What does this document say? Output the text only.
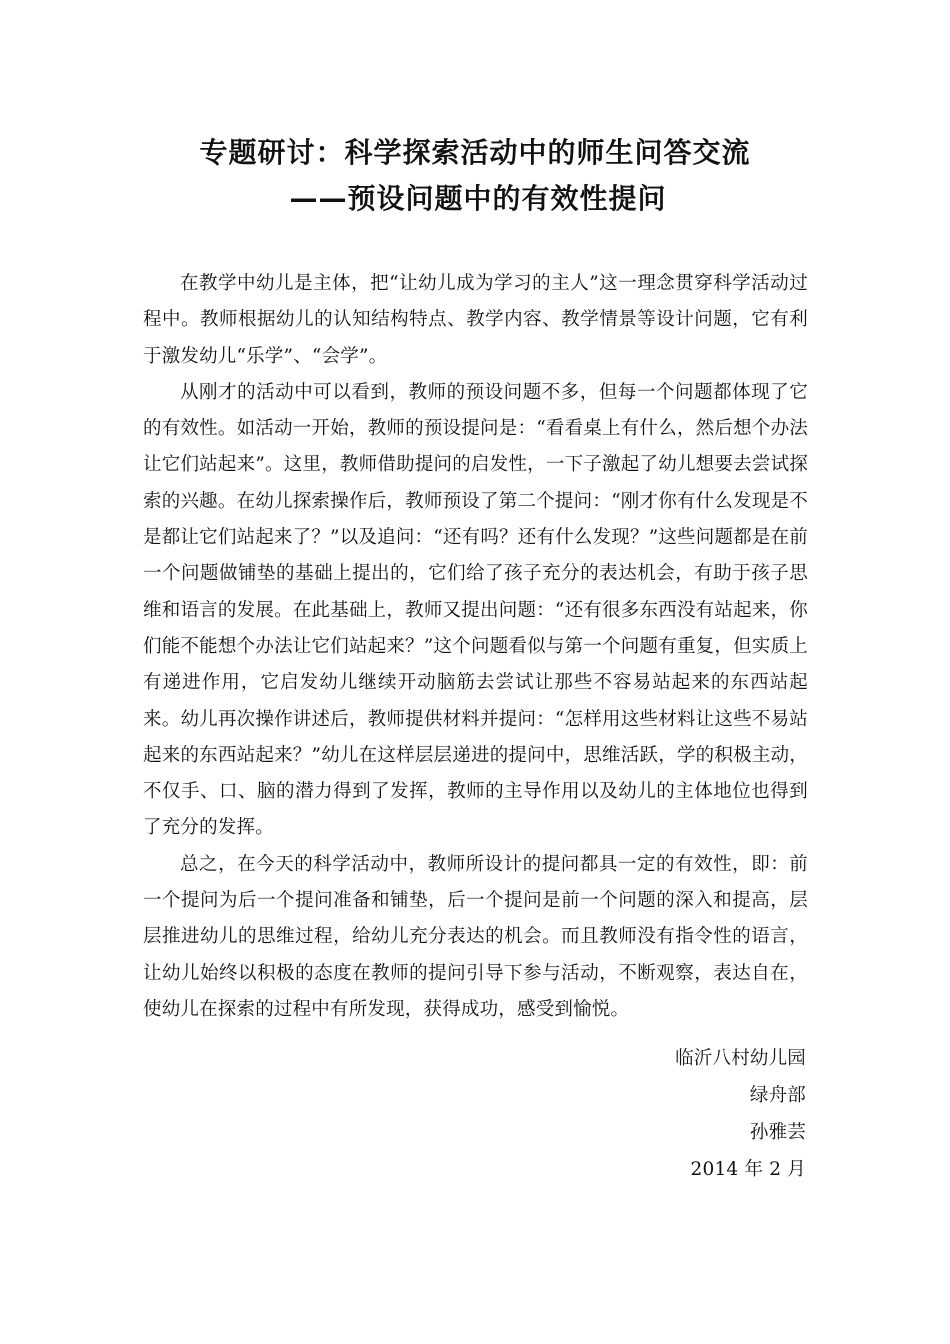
专题研讨：科学探索活动中的师生问答交流
——预设问题中的有效性提问

在教学中幼儿是主体，把“让幼儿成为学习的主人”这一理念贯穿科学活动过程中。教师根据幼儿的认知结构特点、教学内容、教学情景等设计问题，它有利于激发幼儿“乐学”、“会学”。

从刚才的活动中可以看到，教师的预设问题不多，但每一个问题都体现了它的有效性。如活动一开始，教师的预设提问是：“看看桌上有什么，然后想个办法让它们站起来”。这里，教师借助提问的启发性，一下子激起了幼儿想要去尝试探索的兴趣。在幼儿探索操作后，教师预设了第二个提问：“刚才你有什么发现是不是都让它们站起来了？”以及追问：“还有吗？还有什么发现？”这些问题都是在前一个问题做铺垫的基础上提出的，它们给了孩子充分的表达机会，有助于孩子思维和语言的发展。在此基础上，教师又提出问题：“还有很多东西没有站起来，你们能不能想个办法让它们站起来？”这个问题看似与第一个问题有重复，但实质上有递进作用，它启发幼儿继续开动脑筋去尝试让那些不容易站起来的东西站起来。幼儿再次操作讲述后，教师提供材料并提问：“怎样用这些材料让这些不易站起来的东西站起来？”幼儿在这样层层递进的提问中，思维活跃，学的积极主动，不仅手、口、脑的潜力得到了发挥，教师的主导作用以及幼儿的主体地位也得到了充分的发挥。

总之，在今天的科学活动中，教师所设计的提问都具一定的有效性，即：前一个提问为后一个提问准备和铺垫，后一个提问是前一个问题的深入和提高，层层推进幼儿的思维过程，给幼儿充分表达的机会。而且教师没有指令性的语言，让幼儿始终以积极的态度在教师的提问引导下参与活动，不断观察，表达自在，使幼儿在探索的过程中有所发现，获得成功，感受到愉悦。

临沂八村幼儿园
绿舟部
孙雅芸
2014 年 2 月
